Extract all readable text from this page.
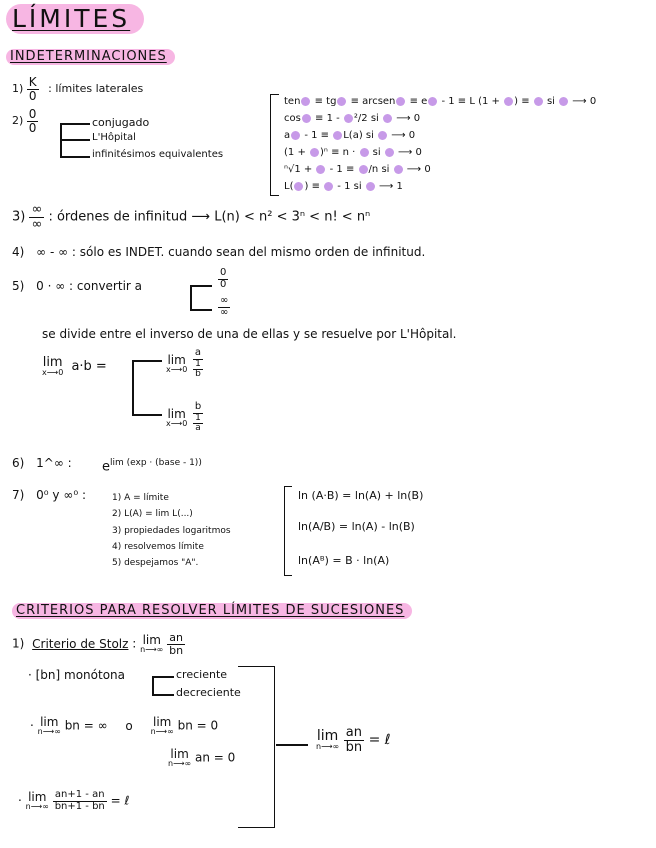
LÍMITES
INDETERMINACIONES
$1) \frac{K}{0}$ : límites laterales
$2) \frac{0}{0}$	conjugado
L'Hôpital
infinitésimos equivalentes
ten ≡ tg ≡ arcsen ≡ e - 1 ≡ L (1 + ) ≡  si  ⟶ 0
cos ≡ 1 - ²/2 si  ⟶ 0
a - 1 ≡ L(a) si  ⟶ 0
(1 + )ⁿ ≡ n ·  si  ⟶ 0
ⁿ√1 +  - 1 ≡ /n si  ⟶ 0
L( ) ≡  - 1 si  ⟶ 1
$3) \frac{\infty}{\infty}$ : órdenes de infinitud ⟶ L(n) < n² < 3ⁿ < n! < nⁿ
4) ∞ - ∞ : sólo es INDET. cuando sean del mismo orden de infinitud.
5) 0 · ∞ : convertir a	$\frac{0}{0}$
∞
∞
se divide entre el inverso de una de ellas y se resuelve por L'Hôpital.
lim
x⟶0 a·b =	lim
x⟶0
$\frac{a}{\frac{1}{b}}$
lim
x⟶0
$\frac{b}{\frac{1}{a}}$
6) 1^∞ : $e^{lim (exp \cdot (base - 1))}$
7) 0⁰ y ∞⁰ :	1) A = límite
2) L(A) = lim L(...)
3) propiedades logaritmos
4) resolvemos límite
5) despejamos "A".
ln (A·B) = ln(A) + ln(B)
ln(A/B) = ln(A) - ln(B)
ln(Aᴮ) = B · ln(A)
CRITERIOS PARA RESOLVER LÍMITES DE SUCESIONES
1) Criterio de Stolz : lim
n⟶∞
$\frac{an}{bn}$
· [bn] monótona	creciente
decreciente
· lim
n⟶∞ bn = ∞ o lim
n⟶∞ bn = 0
lim
n⟶∞ an = 0
· lim
n⟶∞
$\frac{an+1 - an}{bn+1 - bn}$ = ℓ
lim
n⟶∞
$\frac{an}{bn}$ = ℓ
